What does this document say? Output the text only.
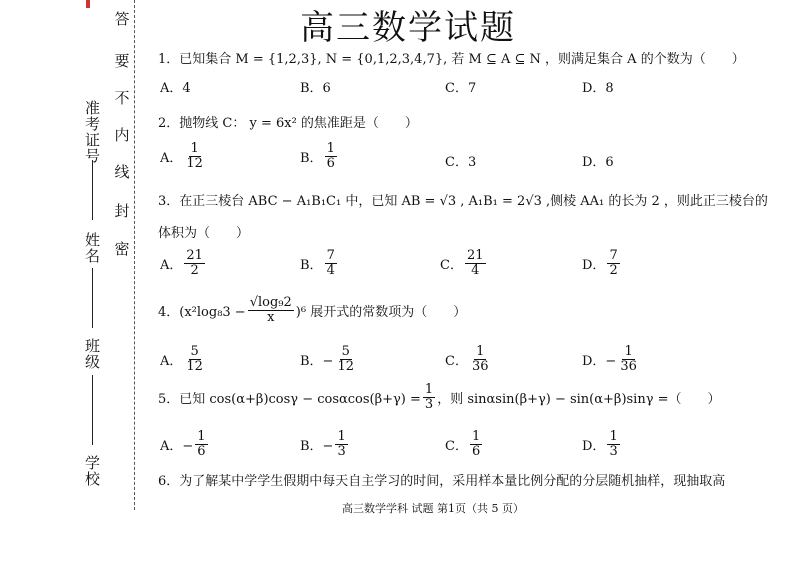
准考证号
姓名
班级
学校
答
要
不
内
线
封
密
高三数学试题
1．已知集合 M = {1,2,3}, N = {0,1,2,3,4,7}, 若 M ⊆ A ⊆ N ，则满足集合 A 的个数为（　　）
A．4	B．6	C．7	D．8
2．抛物线 C： y = 6x² 的焦准距是（　　）
A． $\frac{1}{12}$	B． $\frac{1}{6}$	C．3	D．6
3．在正三棱台 ABC − A₁B₁C₁ 中，已知 AB = √3 , A₁B₁ = 2√3 ,侧棱 AA₁ 的长为 2 ，则此正三棱台的
体积为（　　）
A． $\frac{21}{2}$	B． $\frac{7}{4}$	C． $\frac{21}{4}$	D． $\frac{7}{2}$
4．$(x^2\log_83 - \frac{\text{√log₉2}}{x} )^6$ 展开式的常数项为（　　）
A． $\frac{5}{12}$	B．− $\frac{5}{12}$	C． $\frac{1}{36}$	D．− $\frac{1}{36}$
5．已知 $\cos(\alpha+\beta)\cos\gamma - \cos\alpha\cos(\beta+\gamma) = \frac{1}{3}$ ，则 sinαsin(β+γ) − sin(α+β)sinγ =（　　）
A．− $\frac{1}{6}$	B．− $\frac{1}{3}$	C． $\frac{1}{6}$	D． $\frac{1}{3}$
6．为了解某中学学生假期中每天自主学习的时间，采用样本量比例分配的分层随机抽样，现抽取高
高三数学学科 试题 第1页（共 5 页）
